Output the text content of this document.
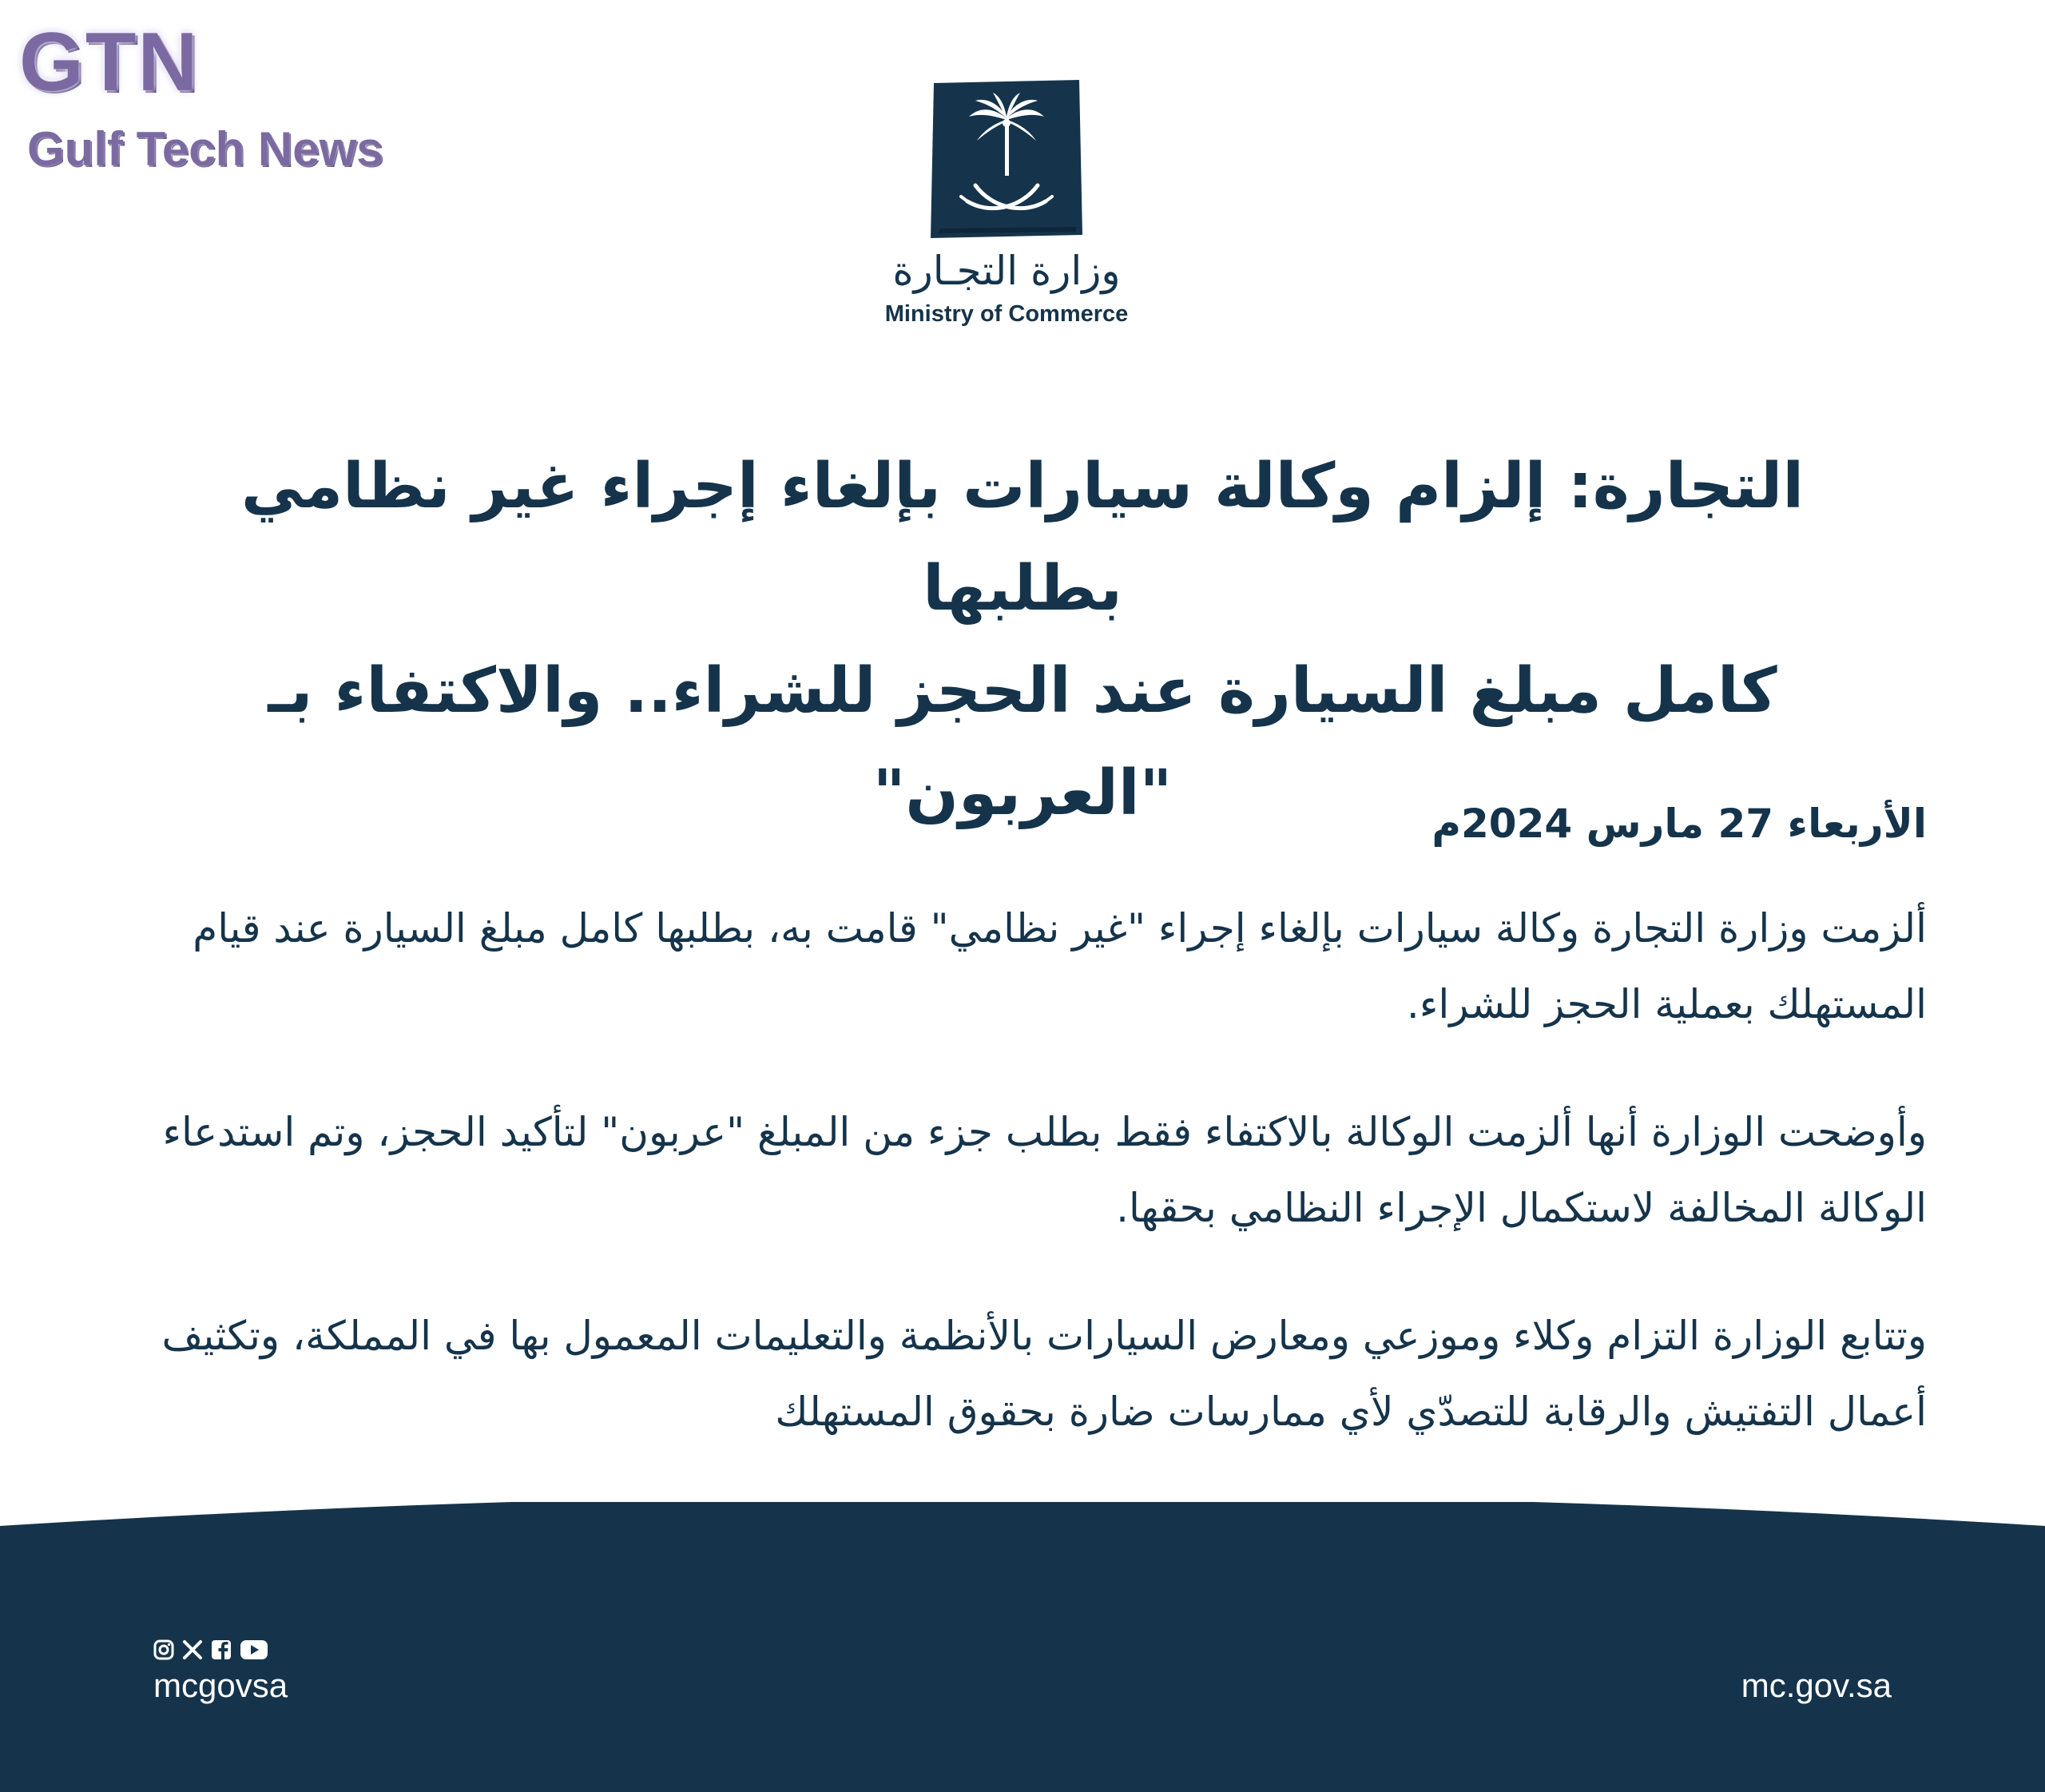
GTN
Gulf Tech News
وزارة التجـارة
Ministry of Commerce
التجارة: إلزام وكالة سيارات بإلغاء إجراء غير نظامي بطلبها
كامل مبلغ السيارة عند الحجز للشراء.. والاكتفاء بـ "العربون"	الأربعاء 27 مارس 2024م
ألزمت وزارة التجارة وكالة سيارات بإلغاء إجراء "غير نظامي" قامت به، بطلبها كامل مبلغ السيارة عند قيام المستهلك بعملية الحجز للشراء.
وأوضحت الوزارة أنها ألزمت الوكالة بالاكتفاء فقط بطلب جزء من المبلغ "عربون" لتأكيد الحجز، وتم استدعاء الوكالة المخالفة لاستكمال الإجراء النظامي بحقها.
وتتابع الوزارة التزام وكلاء وموزعي ومعارض السيارات بالأنظمة والتعليمات المعمول بها في المملكة، وتكثيف أعمال التفتيش والرقابة للتصدّي لأي ممارسات ضارة بحقوق المستهلك
mcgovsa	mc.gov.sa
